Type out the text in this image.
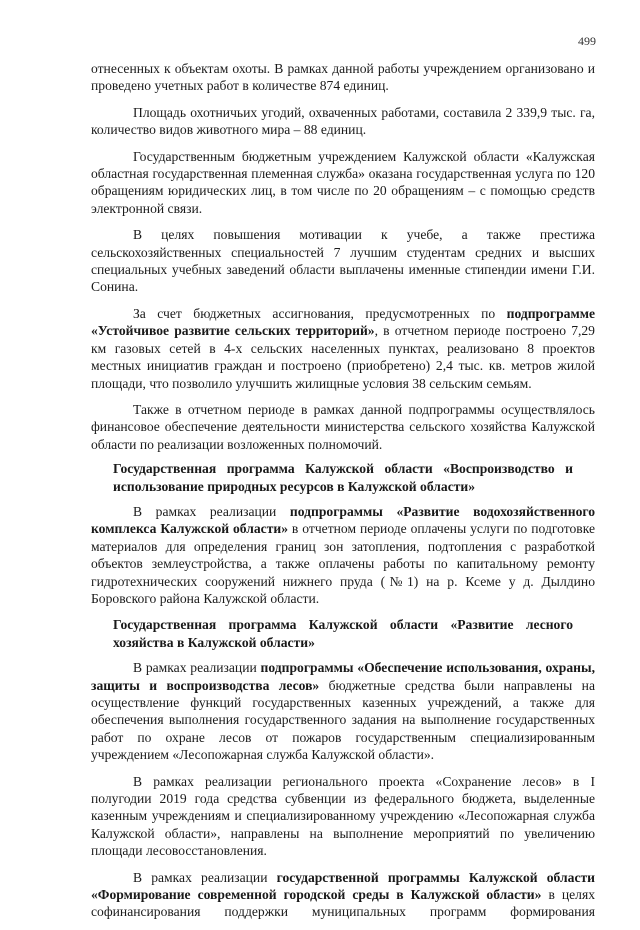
499

отнесенных к объектам охоты. В рамках данной работы учреждением организовано и проведено учетных работ в количестве 874 единиц.

Площадь охотничьих угодий, охваченных работами, составила 2 339,9 тыс. га, количество видов животного мира – 88 единиц.

Государственным бюджетным учреждением Калужской области «Калужская областная государственная племенная служба» оказана государственная услуга по 120 обращениям юридических лиц, в том числе по 20 обращениям – с помощью средств электронной связи.

В целях повышения мотивации к учебе, а также престижа сельскохозяйственных специальностей 7 лучшим студентам средних и высших специальных учебных заведений области выплачены именные стипендии имени Г.И. Сонина.

За счет бюджетных ассигнования, предусмотренных по подпрограмме «Устойчивое развитие сельских территорий», в отчетном периоде построено 7,29 км газовых сетей в 4-х сельских населенных пунктах, реализовано 8 проектов местных инициатив граждан и построено (приобретено) 2,4 тыс. кв. метров жилой площади, что позволило улучшить жилищные условия 38 сельским семьям.

Также в отчетном периоде в рамках данной подпрограммы осуществлялось финансовое обеспечение деятельности министерства сельского хозяйства Калужской области по реализации возложенных полномочий.

Государственная программа Калужской области «Воспроизводство и использование природных ресурсов в Калужской области»

В рамках реализации подпрограммы «Развитие водохозяйственного комплекса Калужской области» в отчетном периоде оплачены услуги по подготовке материалов для определения границ зон затопления, подтопления с разработкой объектов землеустройства, а также оплачены работы по капитальному ремонту гидротехнических сооружений нижнего пруда (№1) на р. Ксеме у д. Дылдино Боровского района Калужской области.

Государственная программа Калужской области «Развитие лесного хозяйства в Калужской области»

В рамках реализации подпрограммы «Обеспечение использования, охраны, защиты и воспроизводства лесов» бюджетные средства были направлены на осуществление функций государственных казенных учреждений, а также для обеспечения выполнения государственного задания на выполнение государственных работ по охране лесов от пожаров государственным специализированным учреждением «Лесопожарная служба Калужской области».

В рамках реализации регионального проекта «Сохранение лесов» в I полугодии 2019 года средства субвенции из федерального бюджета, выделенные казенным учреждениям и специализированному учреждению «Лесопожарная служба Калужской области», направлены на выполнение мероприятий по увеличению площади лесовосстановления.

В рамках реализации государственной программы Калужской области «Формирование современной городской среды в Калужской области» в целях софинансирования поддержки муниципальных программ формирования
